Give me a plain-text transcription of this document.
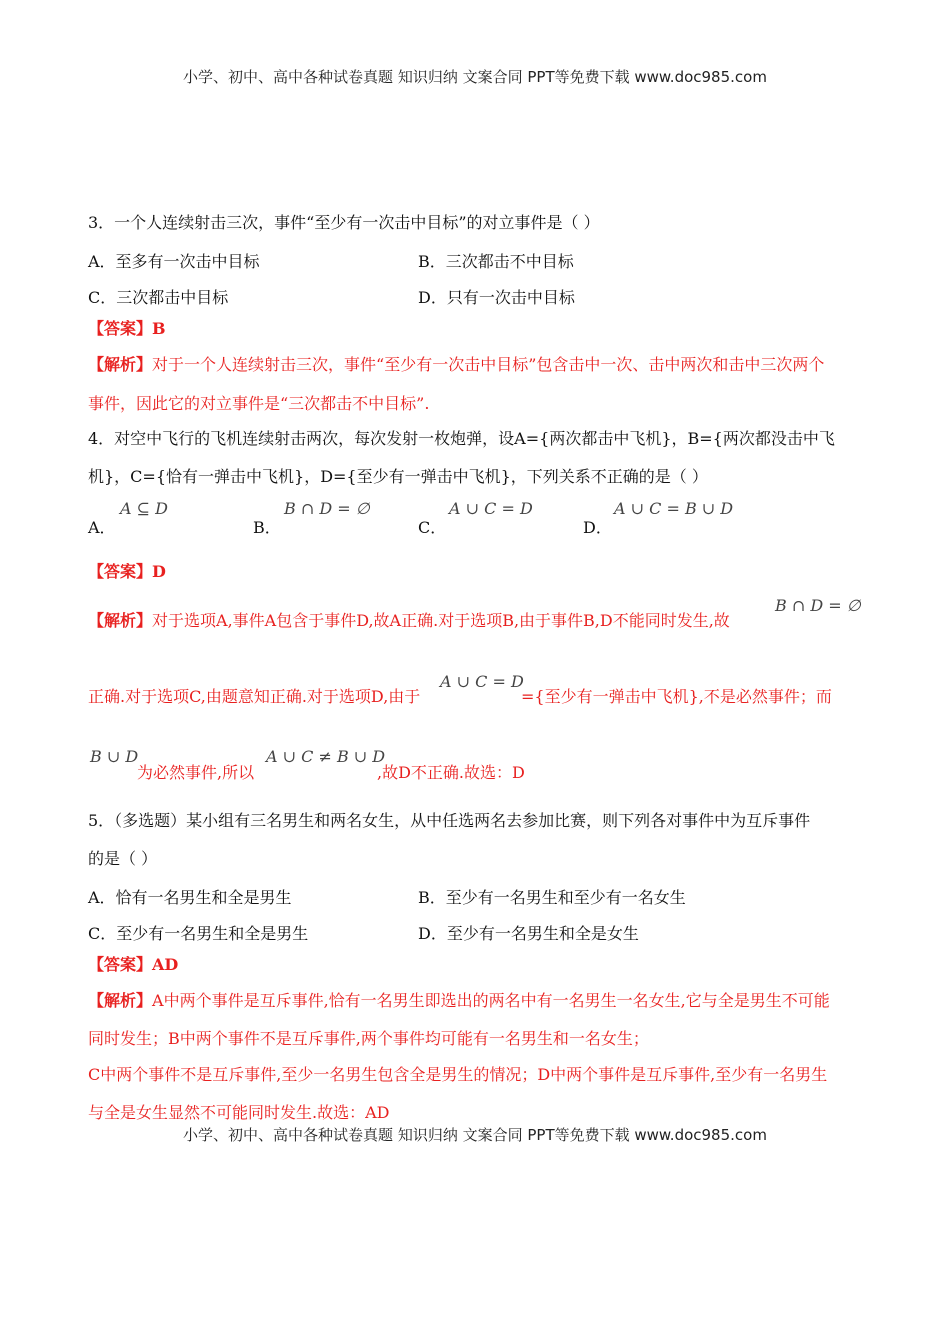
小学、初中、高中各种试卷真题 知识归纳 文案合同 PPT等免费下载 www.doc985.com
3．一个人连续射击三次，事件“至少有一次击中目标”的对立事件是（ ）
A．至多有一次击中目标	B．三次都击不中目标
C．三次都击中目标	D．只有一次击中目标
【答案】B
【解析】对于一个人连续射击三次，事件“至少有一次击中目标”包含击中一次、击中两次和击中三次两个
事件，因此它的对立事件是“三次都击不中目标”.
4．对空中飞行的飞机连续射击两次，每次发射一枚炮弹，设A={两次都击中飞机}，B={两次都没击中飞
机}，C={恰有一弹击中飞机}，D={至少有一弹击中飞机}，下列关系不正确的是（ ）
A．
A ⊆ D
B．
B ∩ D = ∅
C．
A ∪ C = D
D．
A ∪ C = B ∪ D
【答案】D
【解析】对于选项A,事件A包含于事件D,故A正确.对于选项B,由于事件B,D不能同时发生,故
B ∩ D = ∅
正确.对于选项C,由题意知正确.对于选项D,由于
A ∪ C = D
={至少有一弹击中飞机},不是必然事件；而
B ∪ D
为必然事件,所以
A ∪ C ≠ B ∪ D
,故D不正确.故选：D
5．（多选题）某小组有三名男生和两名女生，从中任选两名去参加比赛，则下列各对事件中为互斥事件
的是（ ）
A．恰有一名男生和全是男生	B．至少有一名男生和至少有一名女生
C．至少有一名男生和全是男生	D．至少有一名男生和全是女生
【答案】AD
【解析】A中两个事件是互斥事件,恰有一名男生即选出的两名中有一名男生一名女生,它与全是男生不可能
同时发生；B中两个事件不是互斥事件,两个事件均可能有一名男生和一名女生；
C中两个事件不是互斥事件,至少一名男生包含全是男生的情况；D中两个事件是互斥事件,至少有一名男生
与全是女生显然不可能同时发生.故选：AD
小学、初中、高中各种试卷真题 知识归纳 文案合同 PPT等免费下载 www.doc985.com
